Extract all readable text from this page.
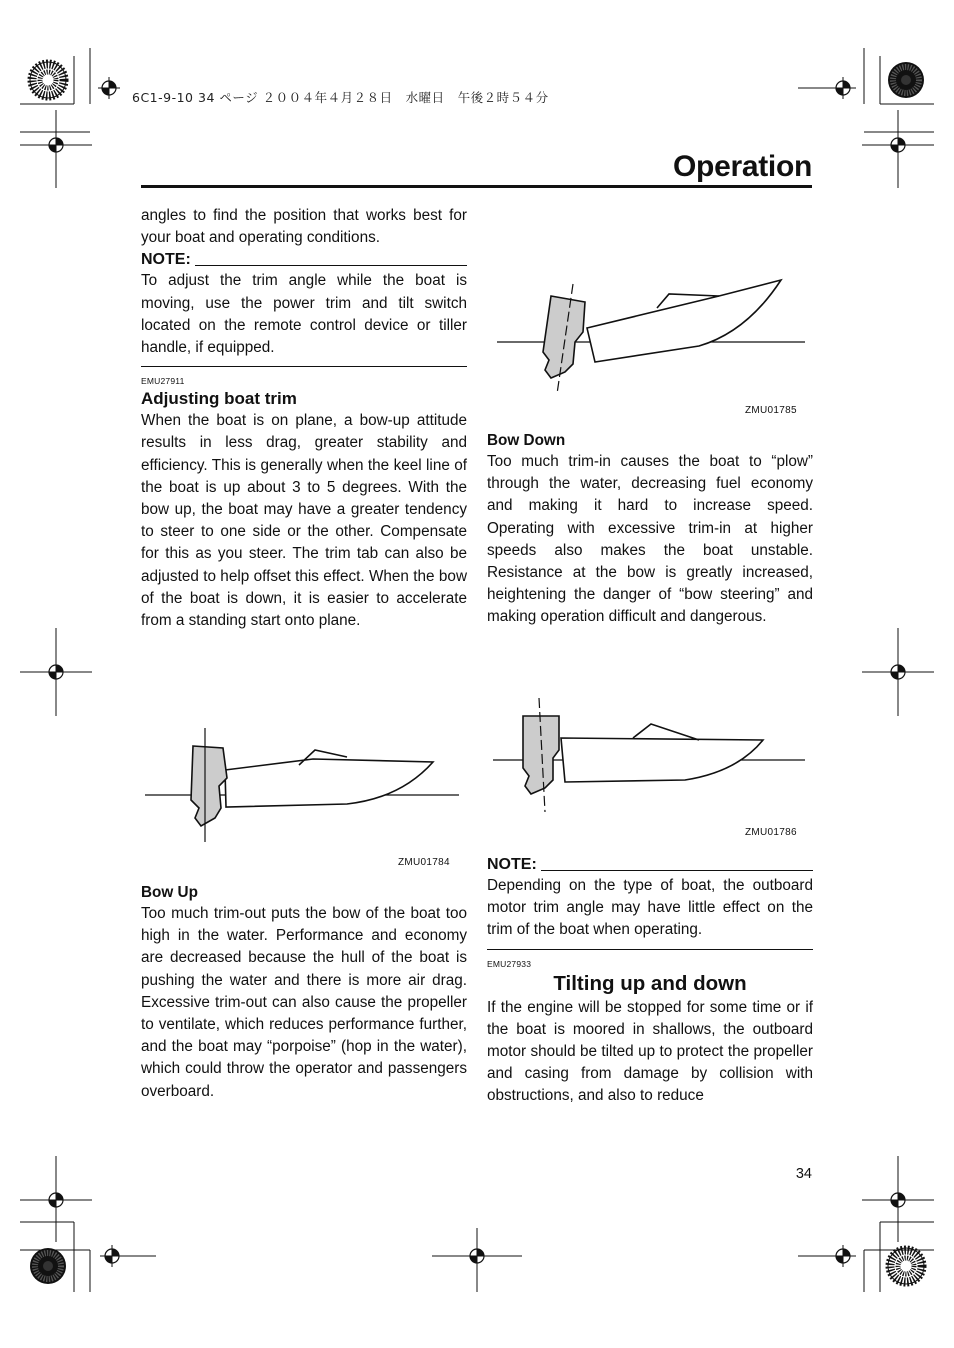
6C1-9-10 34 ページ ２００４年４月２８日　水曜日　午後２時５４分
Operation

angles to find the position that works best for your boat and operating conditions.

NOTE:

To adjust the trim angle while the boat is moving, use the power trim and tilt switch located on the remote control device or tiller handle, if equipped.

EMU27911
Adjusting boat trim

When the boat is on plane, a bow-up attitude results in less drag, greater stability and efficiency. This is generally when the keel line of the boat is up about 3 to 5 degrees. With the bow up, the boat may have a greater tendency to steer to one side or the other. Compensate for this as you steer. The trim tab can also be adjusted to help offset this effect. When the bow of the boat is down, it is easier to accelerate from a standing start onto plane.

Bow Up

Too much trim-out puts the bow of the boat too high in the water. Performance and economy are decreased because the hull of the boat is pushing the water and there is more air drag. Excessive trim-out can also cause the propeller to ventilate, which reduces performance further, and the boat may “porpoise” (hop in the water), which could throw the operator and passengers overboard.

ZMU01784
ZMU01785
Bow Down

Too much trim-in causes the boat to “plow” through the water, decreasing fuel economy and making it hard to increase speed. Operating with excessive trim-in at higher speeds also makes the boat unstable. Resistance at the bow is greatly increased, heightening the danger of “bow steering” and making operation difficult and dangerous.

ZMU01786
NOTE:

Depending on the type of boat, the outboard motor trim angle may have little effect on the trim of the boat when operating.

EMU27933
Tilting up and down

If the engine will be stopped for some time or if the boat is moored in shallows, the outboard motor should be tilted up to protect the propeller and casing from damage by collision with obstructions, and also to reduce

34
